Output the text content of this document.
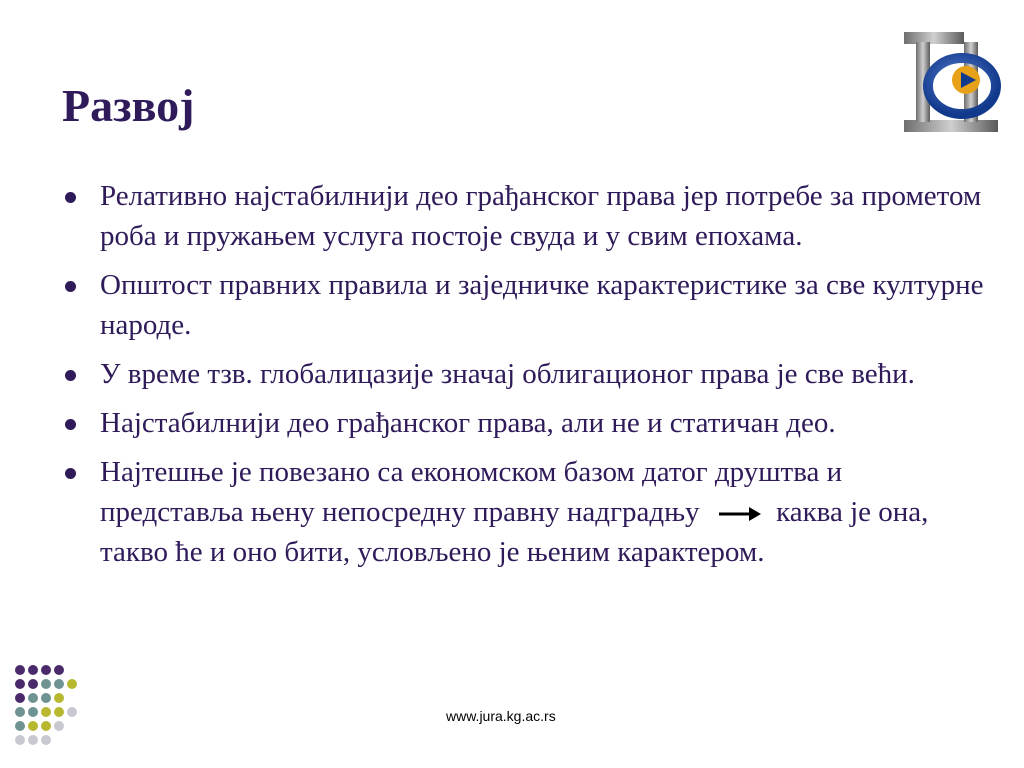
Развој
Релативно најстабилнији део грађанског права јер потребе за прометом роба и пружањем услуга постоје свуда и у свим епохама.
Општост правних правила и заједничке карактеристике за све културне народе.
У време тзв. глобалицазије значај облигационог права је све већи.
Најстабилнији део грађанског права, али не и статичан део.
Најтешње је повезано са економском базом датог друштва и представља њену непосредну правну надградњу	каква је она, такво ће и оно бити, условљено је њеним карактером.
www.jura.kg.ac.rs
